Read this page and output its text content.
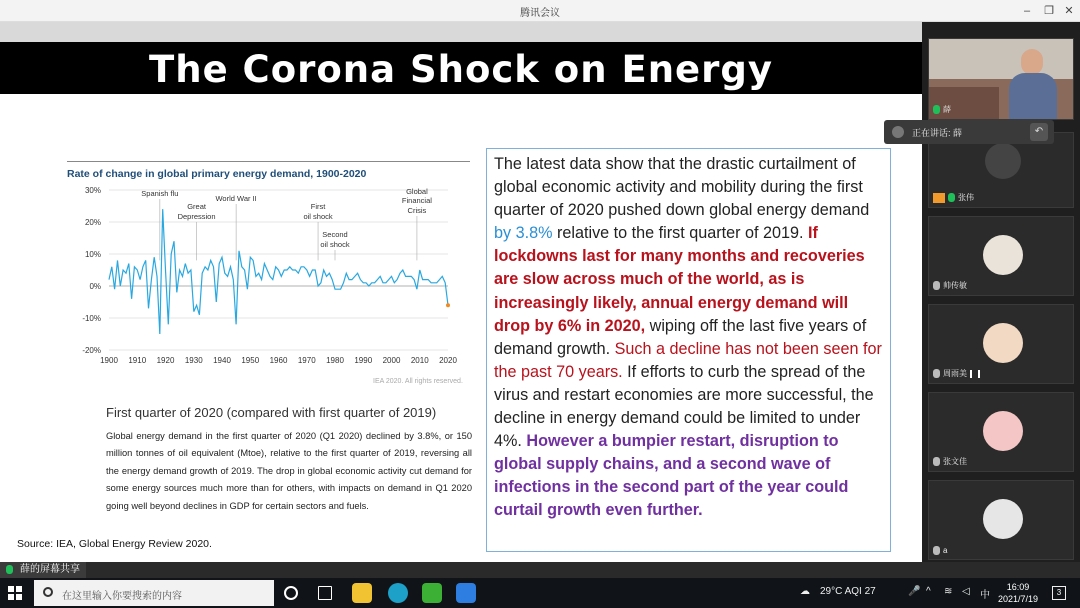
腾讯会议	–	❐ ✕
The Corona Shock on Energy
Rate of change in global primary energy demand, 1900-2020
30%
20%
10%
0%
-10%
-20%
1900 1910 1920 1930 1940 1950 1960 1970 1980 1990 2000 2010 2020
Spanish flu
Great Depression
World War II
First oil shock
Second oil shock
Global Financial Crisis
IEA 2020. All rights reserved.
First quarter of 2020 (compared with first quarter of 2019)
Global energy demand in the first quarter of 2020 (Q1 2020) declined by 3.8%, or 150 million tonnes of oil equivalent (Mtoe), relative to the first quarter of 2019, reversing all the energy demand growth of 2019. The drop in global economic activity cut demand for some energy sources much more than for others, with impacts on demand in Q1 2020 going well beyond declines in GDP for certain sectors and fuels.
Source: IEA, Global Energy Review 2020.
The latest data show that the drastic curtailment of global economic activity and mobility during the first quarter of 2020 pushed down global energy demand by 3.8% relative to the first quarter of 2019. If lockdowns last for many months and recoveries are slow across much of the world, as is increasingly likely, annual energy demand will drop by 6% in 2020, wiping off the last five years of demand growth. Such a decline has not been seen for the past 70 years. If efforts to curb the spread of the virus and restart economies are more successful, the decline in energy demand could be limited to under 4%. However a bumpier restart, disruption to global supply chains, and a second wave of infections in the second part of the year could curtail growth even further.
薛
张伟
帅传敏
周雨美
张文佳
a
正在讲话: 薛	↶
薛的屏幕共享
在这里输入你要搜索的内容	☁ 29°C AQI 27	🎤 ^ ≋ ◁ 中
16:09
2021/7/19
3
